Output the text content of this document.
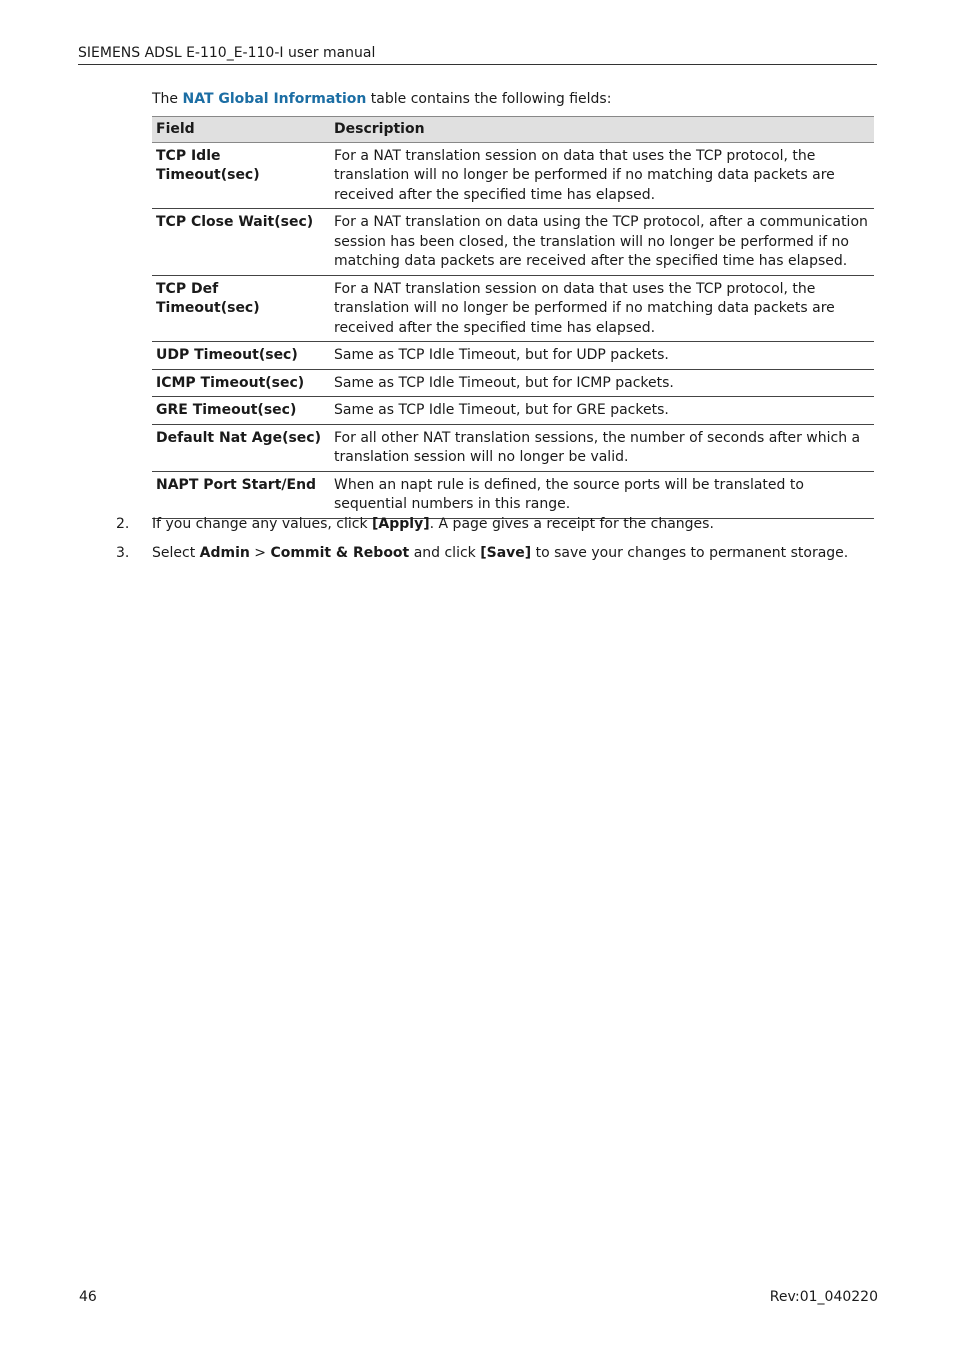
SIEMENS ADSL E-110_E-110-I user manual
The NAT Global Information table contains the following fields:
Field	Description
TCP Idle Timeout(sec)	For a NAT translation session on data that uses the TCP protocol, the translation will no longer be performed if no matching data packets are received after the specified time has elapsed.
TCP Close Wait(sec)	For a NAT translation on data using the TCP protocol, after a communication session has been closed, the translation will no longer be performed if no matching data packets are received after the specified time has elapsed.
TCP Def Timeout(sec)	For a NAT translation session on data that uses the TCP protocol, the translation will no longer be performed if no matching data packets are received after the specified time has elapsed.
UDP Timeout(sec)	Same as TCP Idle Timeout, but for UDP packets.
ICMP Timeout(sec)	Same as TCP Idle Timeout, but for ICMP packets.
GRE Timeout(sec)	Same as TCP Idle Timeout, but for GRE packets.
Default Nat Age(sec)	For all other NAT translation sessions, the number of seconds after which a translation session will no longer be valid.
NAPT Port Start/End	When an napt rule is defined, the source ports will be translated to sequential numbers in this range.
2.	If you change any values, click [Apply]. A page gives a receipt for the changes.
3.	Select Admin > Commit & Reboot and click [Save] to save your changes to permanent storage.
46	Rev:01_040220
